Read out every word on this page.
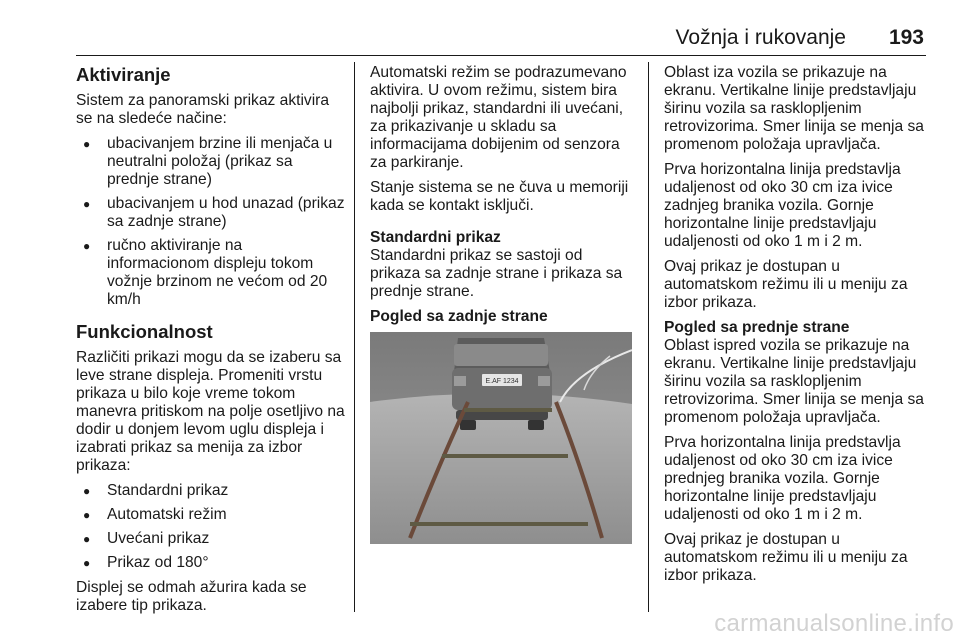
Vožnja i rukovanje 193
Aktiviranje

Sistem za panoramski prikaz aktivira se na sledeće načine:

● ubacivanjem brzine ili menjača u neutralni položaj (prikaz sa prednje strane)
● ubacivanjem u hod unazad (prikaz sa zadnje strane)
● ručno aktiviranje na informacionom displeju tokom vožnje brzinom ne većom od 20 km/h
Funkcionalnost

Različiti prikazi mogu da se izaberu sa leve strane displeja. Promeniti vrstu prikaza u bilo koje vreme tokom manevra pritiskom na polje osetljivo na dodir u donjem levom uglu displeja i izabrati prikaz sa menija za izbor prikaza:

● Standardni prikaz
● Automatski režim
● Uvećani prikaz
● Prikaz od 180°

Displej se odmah ažurira kada se izabere tip prikaza.

Automatski režim se podrazumevano aktivira. U ovom režimu, sistem bira najbolji prikaz, standardni ili uvećani, za prikazivanje u skladu sa informacijama dobijenim od senzora za parkiranje.

Stanje sistema se ne čuva u memoriji kada se kontakt isključi.

Standardni prikaz

Standardni prikaz se sastoji od prikaza sa zadnje strane i prikaza sa prednje strane.

Pogled sa zadnje strane
E.AF 1234

Oblast iza vozila se prikazuje na ekranu. Vertikalne linije predstavljaju širinu vozila sa rasklopljenim retrovizorima. Smer linija se menja sa promenom položaja upravljača.

Prva horizontalna linija predstavlja udaljenost od oko 30 cm iza ivice zadnjeg branika vozila. Gornje horizontalne linije predstavljaju udaljenosti od oko 1 m i 2 m.

Ovaj prikaz je dostupan u automatskom režimu ili u meniju za izbor prikaza.

Pogled sa prednje strane

Oblast ispred vozila se prikazuje na ekranu. Vertikalne linije predstavljaju širinu vozila sa rasklopljenim retrovizorima. Smer linija se menja sa promenom položaja upravljača.

Prva horizontalna linija predstavlja udaljenost od oko 30 cm iza ivice prednjeg branika vozila. Gornje horizontalne linije predstavljaju udaljenosti od oko 1 m i 2 m.

Ovaj prikaz je dostupan u automatskom režimu ili u meniju za izbor prikaza.

carmanualsonline.info
